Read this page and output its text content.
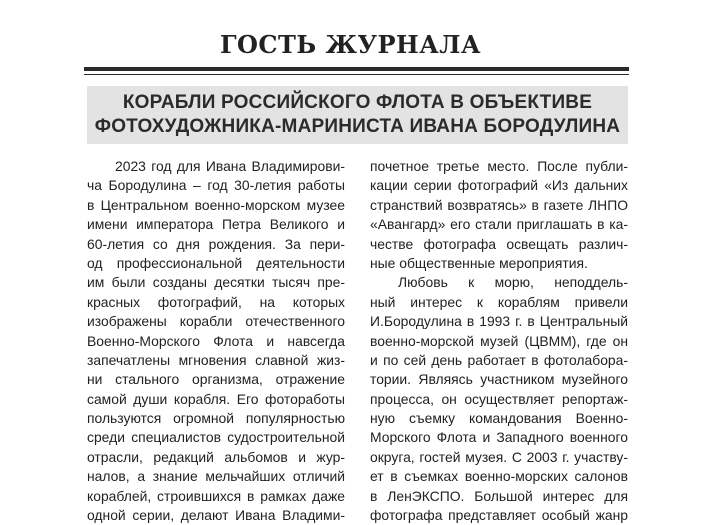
ГОСТЬ ЖУРНАЛА
КОРАБЛИ РОССИЙСКОГО ФЛОТА В ОБЪЕКТИВЕ
ФОТОХУДОЖНИКА-МАРИНИСТА ИВАНА БОРОДУЛИНА
2023 год для Ивана Владимирови-
ча Бородулина – год 30-летия работы
в Центральном военно-морском музее
имени императора Петра Великого и
60-летия со дня рождения. За пери-
од профессиональной деятельности
им были созданы десятки тысяч пре-
красных фотографий, на которых
изображены корабли отечественного
Военно-Морского Флота и навсегда
запечатлены мгновения славной жиз-
ни стального организма, отражение
самой души корабля. Его фотоработы
пользуются огромной популярностью
среди специалистов судостроительной
отрасли, редакций альбомов и жур-
налов, а знание мельчайших отличий
кораблей, строившихся в рамках даже
одной серии, делают Ивана Владими-
почетное третье место. После публи-
кации серии фотографий «Из дальних
странствий возвратясь» в газете ЛНПО
«Авангард» его стали приглашать в ка-
честве фотографа освещать различ-
ные общественные мероприятия.
Любовь к морю, неподдель-
ный интерес к кораблям привели
И.Бородулина в 1993 г. в Центральный
военно-морской музей (ЦВММ), где он
и по сей день работает в фотолабора-
тории. Являясь участником музейного
процесса, он осуществляет репортаж-
ную съемку командования Военно-
Морского Флота и Западного военного
округа, гостей музея. С 2003 г. участву-
ет в съемках военно-морских салонов
в ЛенЭКСПО. Большой интерес для
фотографа представляет особый жанр
